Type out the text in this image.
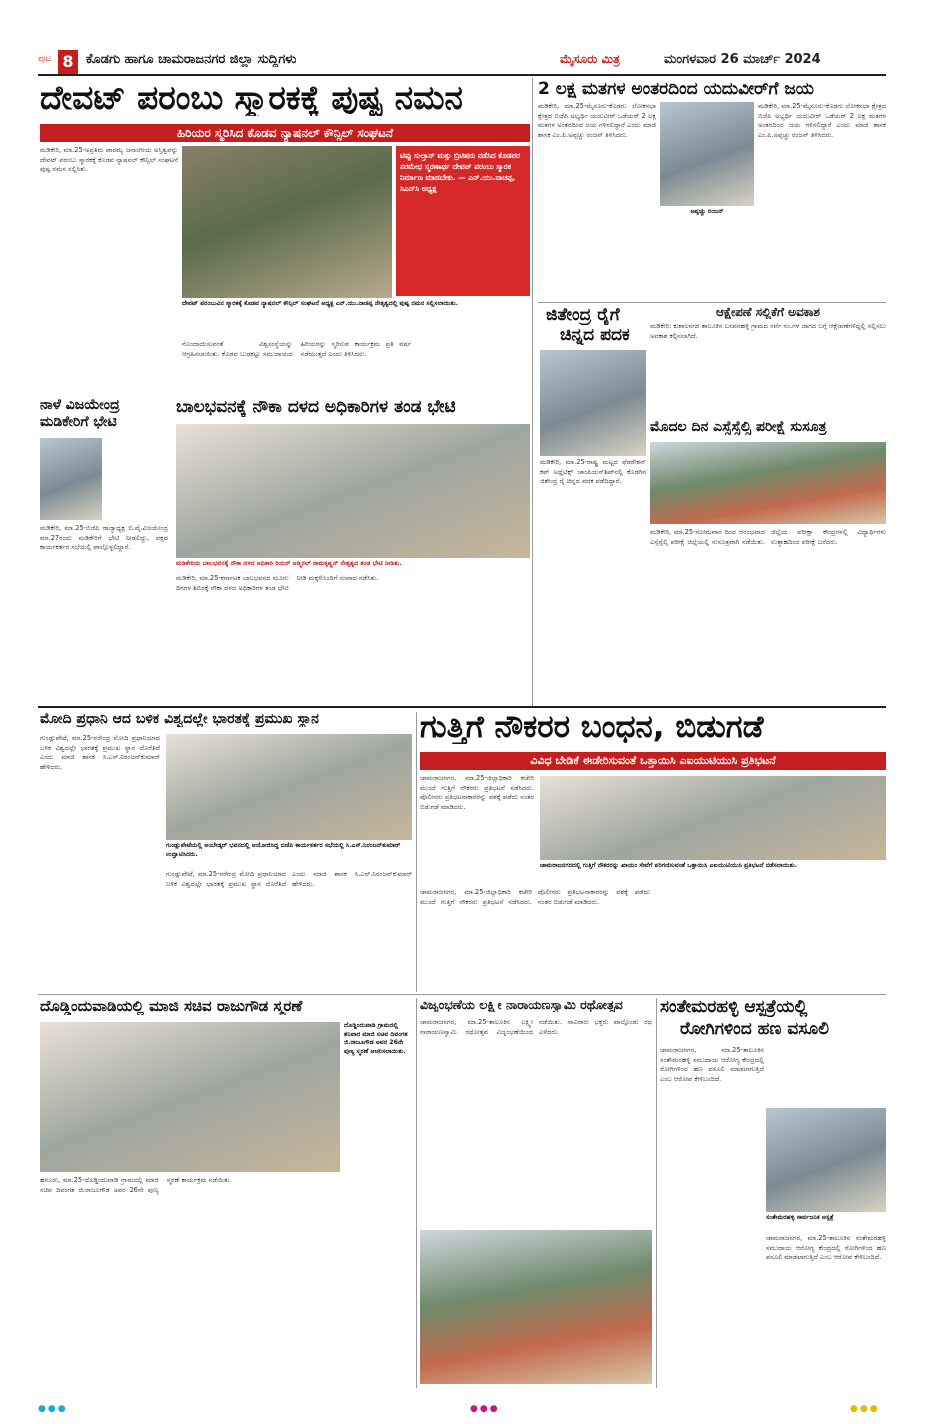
ಪುಟ 8 ಕೊಡಗು ಹಾಗೂ ಚಾಮರಾಜನಗರ ಜಿಲ್ಲಾ ಸುದ್ದಿಗಳು	ಮೈಸೂರು ಮಿತ್ರ	ಮಂಗಳವಾರ 26 ಮಾರ್ಚ್ 2024
ದೇವಟ್ ಪರಂಬು ಸ್ಮಾರಕಕ್ಕೆ ಪುಷ್ಪ ನಮನ
ಹಿರಿಯರ ಸ್ಮರಿಸಿದ ಕೊಡವ ನ್ಯಾಷನಲ್ ಕೌನ್ಸಿಲ್ ಸಂಘಟನೆ
ಮಡಿಕೇರಿ, ಮಾ.25-ಅಪ್ರತಿಮ ಪಾರಮ್ಯ ಜನಾಂಗೀಯ ಅಸ್ತಿತ್ವವನ್ನು ದೇವಟ್ ಪರಂಬು ಸ್ಮಾರಕಕ್ಕೆ ಕೊಡವ ನ್ಯಾಷನಲ್ ಕೌನ್ಸಿಲ್ ಸಂಘಟನೆ ಪುಷ್ಪ ನಮನ ಸಲ್ಲಿಸಿತು.
ಟಿಪ್ಪು ಸುಲ್ತಾನ್ ಮತ್ತು ಬ್ರಿಟಿಷರು ನಡೆಸಿದ ಕೊಡವರ ನರಮೇಧ ಸ್ಮರಣಾರ್ಥ ದೇವಟ್ ಪರಂಬು ಸ್ಮಾರಕ ನಿರ್ಮಾಣ ಮಾಡಬೇಕು. — ಎನ್.ಯು.ನಾಚಪ್ಪ, ಸಿಎನ್‌ಸಿ ಅಧ್ಯಕ್ಷ
ದೇವಟ್ ಪರಂಬುವಿನ ಸ್ಮಾರಕಕ್ಕೆ ಕೊಡವ ನ್ಯಾಷನಲ್ ಕೌನ್ಸಿಲ್ ಸಂಘಟನೆ ಅಧ್ಯಕ್ಷ ಎನ್.ಯು.ನಾಚಪ್ಪ ನೇತೃತ್ವದಲ್ಲಿ ಪುಷ್ಪ ನಮನ ಸಲ್ಲಿಸಲಾಯಿತು.
ನೊಂದಾಯಿಸುವಂತೆ ವಿಶ್ವಸಂಸ್ಥೆಯನ್ನು ಆಗ್ರಹಿಸಲಾಯಿತು. ಕೊಡವ ಬುಡಕಟ್ಟು ಸಮುದಾಯದ ಹಿರಿಯರನ್ನು ಸ್ಮರಿಸುವ ಕಾರ್ಯಕ್ರಮ ಪ್ರತಿ ವರ್ಷ ನಡೆಯುತ್ತದೆ ಎಂದು ತಿಳಿಸಿದರು.
ನಾಳೆ ವಿಜಯೇಂದ್ರ
ಮಡಿಕೇರಿಗೆ ಭೇಟಿ
ಮಡಿಕೇರಿ, ಮಾ.25-ಬಿಜೆಪಿ ರಾಜ್ಯಾಧ್ಯಕ್ಷ ಬಿ.ವೈ.ವಿಜಯೇಂದ್ರ ಮಾ.27ರಂದು ಮಡಿಕೇರಿಗೆ ಭೇಟಿ ನೀಡಲಿದ್ದು, ಪಕ್ಷದ ಕಾರ್ಯಕರ್ತರ ಸಭೆಯಲ್ಲಿ ಪಾಲ್ಗೊಳ್ಳಲಿದ್ದಾರೆ.
ಬಾಲಭವನಕ್ಕೆ ನೌಕಾ ದಳದ ಅಧಿಕಾರಿಗಳ ತಂಡ ಭೇಟಿ
ಮಡಿಕೇರಿಯ ಬಾಲಭವನಕ್ಕೆ ನೌಕಾ ದಳದ ಅಧಿಕಾರಿ ರಿಯರ್ ಅಡ್ಮಿರಲ್ ರಾಮಕೃಷ್ಣನ್ ನೇತೃತ್ವದ ತಂಡ ಭೇಟಿ ನೀಡಿತು.
ಮಡಿಕೇರಿ, ಮಾ.25-ಕರ್ನಾಟಕ ಬಾಲಭವನದ ಮೂರು ದಿನಗಳ ಶಿಬಿರಕ್ಕೆ ನೌಕಾ ದಳದ ಅಧಿಕಾರಿಗಳ ತಂಡ ಭೇಟಿ ನೀಡಿ ಮಕ್ಕಳೊಂದಿಗೆ ಸಂವಾದ ನಡೆಸಿತು.
2 ಲಕ್ಷ ಮತಗಳ ಅಂತರದಿಂದ ಯದುವೀರ್‌ಗೆ ಜಯ
ಮಡಿಕೇರಿ, ಮಾ.25-ಮೈಸೂರು-ಕೊಡಗು ಲೋಕಸಭಾ ಕ್ಷೇತ್ರದ ಬಿಜೆಪಿ ಅಭ್ಯರ್ಥಿ ಯದುವೀರ್ ಒಡೆಯರ್ 2 ಲಕ್ಷ ಮತಗಳ ಅಂತರದಿಂದ ಜಯ ಗಳಿಸಲಿದ್ದಾರೆ ಎಂದು ಮಾಜಿ ಶಾಸಕ ಎಂ.ಪಿ.ಅಪ್ಪಚ್ಚು ರಂಜನ್ ತಿಳಿಸಿದರು.
ಅಪ್ಪಚ್ಚು ರಂಜನ್
ಮಡಿಕೇರಿ, ಮಾ.25-ಮೈಸೂರು-ಕೊಡಗು ಲೋಕಸಭಾ ಕ್ಷೇತ್ರದ ಬಿಜೆಪಿ ಅಭ್ಯರ್ಥಿ ಯದುವೀರ್ ಒಡೆಯರ್ 2 ಲಕ್ಷ ಮತಗಳ ಅಂತರದಿಂದ ಜಯ ಗಳಿಸಲಿದ್ದಾರೆ ಎಂದು ಮಾಜಿ ಶಾಸಕ ಎಂ.ಪಿ.ಅಪ್ಪಚ್ಚು ರಂಜನ್ ತಿಳಿಸಿದರು.
ಜಿತೇಂದ್ರ ರೈಗೆ
ಚಿನ್ನದ ಪದಕ
ಮಡಿಕೇರಿ, ಮಾ.25-ರಾಷ್ಟ್ರ ಮಟ್ಟದ ಫೆಡರೇಶನ್ ಕಪ್ ಅಥ್ಲೆಟಿಕ್ಸ್ ಚಾಂಪಿಯನ್‌ಶಿಪ್‌ನಲ್ಲಿ ಕೊಡಗಿನ ಜಿತೇಂದ್ರ ರೈ ಚಿನ್ನದ ಪದಕ ಪಡೆದಿದ್ದಾರೆ.
ಆಕ್ಷೇಪಣೆ ಸಲ್ಲಿಕೆಗೆ ಅವಕಾಶ
ಮಡಿಕೇರಿ: ಕುಶಾಲನಗರ ತಾಲೂಕಿನ ಬಸವನಹಳ್ಳಿ ಗ್ರಾಮದ ಸರ್ವೆ ನಂ.ಗಳ ಜಾಗದ ಬಗ್ಗೆ ಆಕ್ಷೇಪಣೆಗಳಿದ್ದಲ್ಲಿ ಸಲ್ಲಿಸಲು ಅವಕಾಶ ಕಲ್ಪಿಸಲಾಗಿದೆ.
ಮೊದಲ ದಿನ ಎಸ್ಸೆಸ್ಸೆಲ್ಸಿ ಪರೀಕ್ಷೆ ಸುಸೂತ್ರ
ಮಡಿಕೇರಿ, ಮಾ.25-ಸೋಮವಾರ ದಿಂದ ಆರಂಭವಾದ ಎಸ್ಸೆಸ್ಸೆಲ್ಸಿ ಪರೀಕ್ಷೆ ಜಿಲ್ಲೆಯಲ್ಲಿ ಸುಸೂತ್ರವಾಗಿ ನಡೆಯಿತು. ಜಿಲ್ಲೆಯ ಪರೀಕ್ಷಾ ಕೇಂದ್ರಗಳಲ್ಲಿ ವಿದ್ಯಾರ್ಥಿಗಳು ಉತ್ಸಾಹದಿಂದ ಪರೀಕ್ಷೆ ಬರೆದರು.
ಮೋದಿ ಪ್ರಧಾನಿ ಆದ ಬಳಿಕ ವಿಶ್ವದಲ್ಲೇ ಭಾರತಕ್ಕೆ ಪ್ರಮುಖ ಸ್ಥಾನ
ಗುಂಡ್ಲುಪೇಟೆ, ಮಾ.25-ನರೇಂದ್ರ ಮೋದಿ ಪ್ರಧಾನಿಯಾದ ಬಳಿಕ ವಿಶ್ವದಲ್ಲೇ ಭಾರತಕ್ಕೆ ಪ್ರಮುಖ ಸ್ಥಾನ ದೊರೆತಿದೆ ಎಂದು ಮಾಜಿ ಶಾಸಕ ಸಿ.ಎಸ್.ನಿರಂಜನ್‌ಕುಮಾರ್ ಹೇಳಿದರು.
ಗುಂಡ್ಲುಪೇಟೆಯಲ್ಲಿ ಅಂಬೇಡ್ಕರ್ ಭವನದಲ್ಲಿ ಆಯೋಜಿಸಿದ್ದ ಬಿಜೆಪಿ ಕಾರ್ಯಕರ್ತರ ಸಭೆಯಲ್ಲಿ ಸಿ.ಎಸ್.ನಿರಂಜನ್‌ಕುಮಾರ್ ಉದ್ಘಾಟಿಸಿದರು.
ಗುಂಡ್ಲುಪೇಟೆ, ಮಾ.25-ನರೇಂದ್ರ ಮೋದಿ ಪ್ರಧಾನಿಯಾದ ಬಳಿಕ ವಿಶ್ವದಲ್ಲೇ ಭಾರತಕ್ಕೆ ಪ್ರಮುಖ ಸ್ಥಾನ ದೊರೆತಿದೆ ಎಂದು ಮಾಜಿ ಶಾಸಕ ಸಿ.ಎಸ್.ನಿರಂಜನ್‌ಕುಮಾರ್ ಹೇಳಿದರು.
ಗುತ್ತಿಗೆ ನೌಕರರ ಬಂಧನ, ಬಿಡುಗಡೆ
ವಿವಿಧ ಬೇಡಿಕೆ ಈಡೇರಿಸುವಂತೆ ಒತ್ತಾಯಿಸಿ ಎಐಯುಟಿಯುಸಿ ಪ್ರತಿಭಟನೆ
ಚಾಮರಾಜನಗರ, ಮಾ.25-ಜಿಲ್ಲಾಧಿಕಾರಿ ಕಚೇರಿ ಮುಂದೆ ಗುತ್ತಿಗೆ ನೌಕರರು ಪ್ರತಿಭಟನೆ ನಡೆಸಿದರು. ಪೊಲೀಸರು ಪ್ರತಿಭಟನಾಕಾರರನ್ನು ವಶಕ್ಕೆ ಪಡೆದು ನಂತರ ಬಿಡುಗಡೆ ಮಾಡಿದರು.
ಚಾಮರಾಜನಗರದಲ್ಲಿ ಗುತ್ತಿಗೆ ನೌಕರರನ್ನು ಖಾಯಂ ಸೇವೆಗೆ ಪರಿಗಣಿಸುವಂತೆ ಒತ್ತಾಯಿಸಿ ಎಐಯುಟಿಯುಸಿ ಪ್ರತಿಭಟನೆ ನಡೆಸಲಾಯಿತು.
ಚಾಮರಾಜನಗರ, ಮಾ.25-ಜಿಲ್ಲಾಧಿಕಾರಿ ಕಚೇರಿ ಮುಂದೆ ಗುತ್ತಿಗೆ ನೌಕರರು ಪ್ರತಿಭಟನೆ ನಡೆಸಿದರು. ಪೊಲೀಸರು ಪ್ರತಿಭಟನಾಕಾರರನ್ನು ವಶಕ್ಕೆ ಪಡೆದು ನಂತರ ಬಿಡುಗಡೆ ಮಾಡಿದರು.
ದೊಡ್ಡಿಂದುವಾಡಿಯಲ್ಲಿ ಮಾಜಿ ಸಚಿವ ರಾಜುಗೌಡ ಸ್ಮರಣೆ
ದೊಡ್ಡಿಂದುವಾಡಿ ಗ್ರಾಮದಲ್ಲಿ ಶನಿವಾರ ಮಾಜಿ ಸಚಿವ ದಿವಂಗತ ಜಿ.ರಾಜೂಗೌಡ ಅವರ 26ನೇ ಪುಣ್ಯ ಸ್ಮರಣೆ ಆಚರಿಸಲಾಯಿತು.
ಹನೂರು, ಮಾ.25-ದೊಡ್ಡಿಂದುವಾಡಿ ಗ್ರಾಮದಲ್ಲಿ ಮಾಜಿ ಸಚಿವ ದಿವಂಗತ ಜಿ.ರಾಜೂಗೌಡ ಅವರ 26ನೇ ಪುಣ್ಯ ಸ್ಮರಣೆ ಕಾರ್ಯಕ್ರಮ ನಡೆಯಿತು.
ವಿಜೃಂಭಣೆಯ ಲಕ್ಷ್ಮೀ ನಾರಾಯಣಸ್ವಾಮಿ ರಥೋತ್ಸವ
ಚಾಮರಾಜನಗರ, ಮಾ.25-ತಾಲೂಕಿನ ಲಕ್ಷ್ಮೀ ನಾರಾಯಣಸ್ವಾಮಿ ರಥೋತ್ಸವ ವಿಜೃಂಭಣೆಯಿಂದ ನಡೆಯಿತು. ಸಾವಿರಾರು ಭಕ್ತರು ಪಾಲ್ಗೊಂಡು ರಥ ಎಳೆದರು.
ಸಂತೇಮರಹಳ್ಳಿ ಆಸ್ಪತ್ರೆಯಲ್ಲಿ
ರೋಗಿಗಳಿಂದ ಹಣ ವಸೂಲಿ
ಚಾಮರಾಜನಗರ, ಮಾ.25-ತಾಲೂಕಿನ ಸಂತೇಮರಹಳ್ಳಿ ಸಮುದಾಯ ಆರೋಗ್ಯ ಕೇಂದ್ರದಲ್ಲಿ ರೋಗಿಗಳಿಂದ ಹಣ ವಸೂಲಿ ಮಾಡಲಾಗುತ್ತಿದೆ ಎಂಬ ಆರೋಪ ಕೇಳಿಬಂದಿದೆ.
ಸಂತೇಮರಹಳ್ಳಿ ಸಾರ್ವಜನಿಕ ಆಸ್ಪತ್ರೆ
ಚಾಮರಾಜನಗರ, ಮಾ.25-ತಾಲೂಕಿನ ಸಂತೇಮರಹಳ್ಳಿ ಸಮುದಾಯ ಆರೋಗ್ಯ ಕೇಂದ್ರದಲ್ಲಿ ರೋಗಿಗಳಿಂದ ಹಣ ವಸೂಲಿ ಮಾಡಲಾಗುತ್ತಿದೆ ಎಂಬ ಆರೋಪ ಕೇಳಿಬಂದಿದೆ.
●●●	●●●	●●●
